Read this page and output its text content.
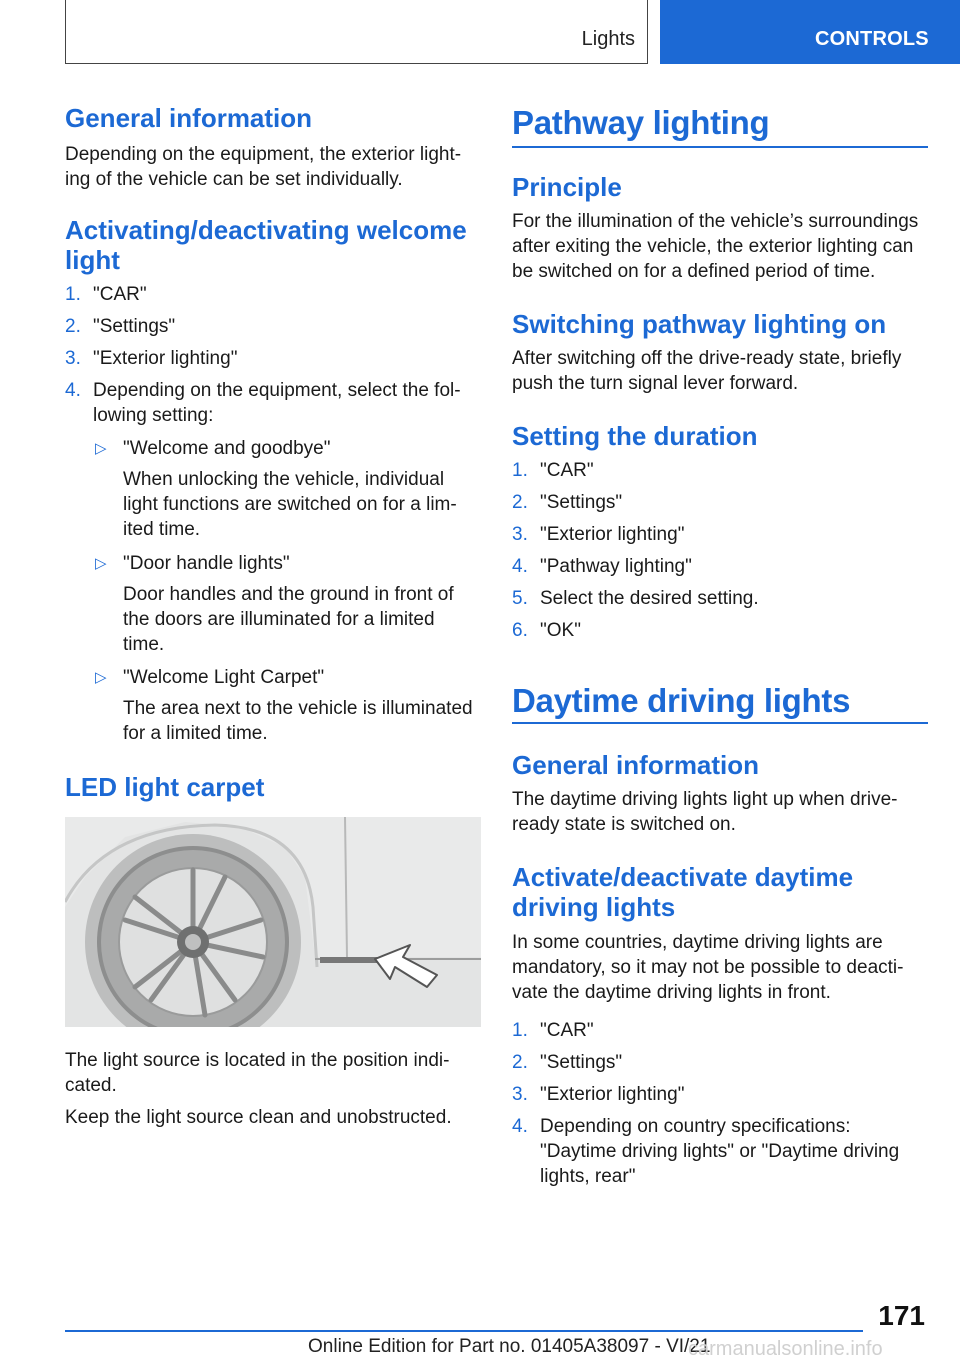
Lights	CONTROLS
General information

Depending on the equipment, the exterior light-ing of the vehicle can be set individually.

Activating/deactivating welcome light
1. "CAR"
2. "Settings"
3. "Exterior lighting"
4. Depending on the equipment, select the fol-lowing setting:
▷ "Welcome and goodbye"
When unlocking the vehicle, individual light functions are switched on for a lim-ited time.
▷ "Door handle lights"
Door handles and the ground in front of the doors are illuminated for a limited time.
▷ "Welcome Light Carpet"
The area next to the vehicle is illuminated for a limited time.
LED light carpet

The light source is located in the position indi-cated.

Keep the light source clean and unobstructed.

Pathway lighting
Principle

For the illumination of the vehicle’s surroundings after exiting the vehicle, the exterior lighting can be switched on for a defined period of time.

Switching pathway lighting on

After switching off the drive-ready state, briefly push the turn signal lever forward.

Setting the duration
1. "CAR"
2. "Settings"
3. "Exterior lighting"
4. "Pathway lighting"
5. Select the desired setting.
6. "OK"
Daytime driving lights
General information

The daytime driving lights light up when drive-ready state is switched on.

Activate/deactivate daytime driving lights

In some countries, daytime driving lights are mandatory, so it may not be possible to deacti-vate the daytime driving lights in front.

1. "CAR"
2. "Settings"
3. "Exterior lighting"
4. Depending on country specifications: "Daytime driving lights" or "Daytime driving lights, rear"
171
Online Edition for Part no. 01405A38097 - VI/21
carmanualsonline.info
